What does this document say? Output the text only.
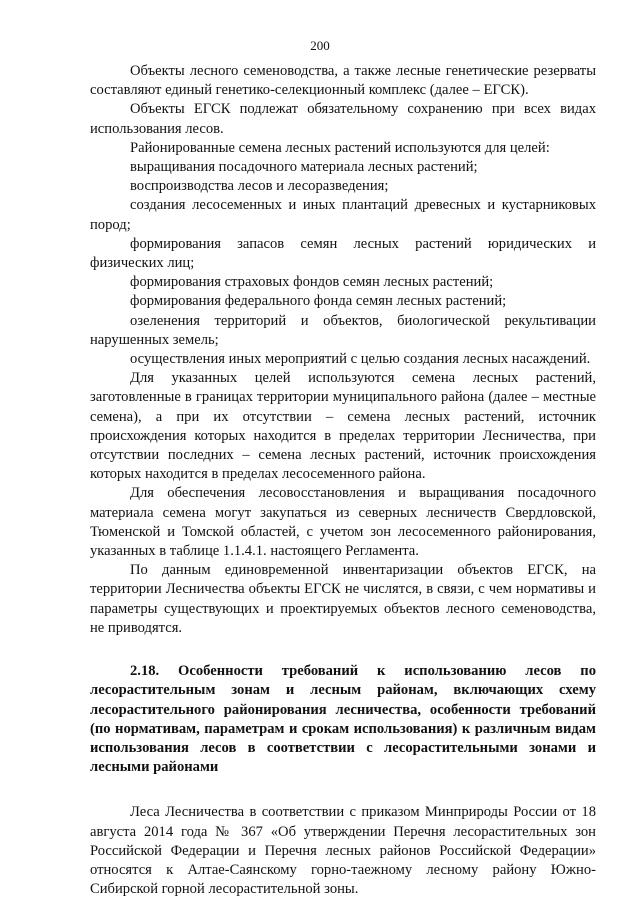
200

Объекты лесного семеноводства, а также лесные генетические резерваты составляют единый генетико-селекционный комплекс (далее – ЕГСК).

Объекты ЕГСК подлежат обязательному сохранению при всех видах использования лесов.

Районированные семена лесных растений используются для целей:

выращивания посадочного материала лесных растений;

воспроизводства лесов и лесоразведения;

создания лесосеменных и иных плантаций древесных и кустарниковых пород;

формирования запасов семян лесных растений юридических и физических лиц;

формирования страховых фондов семян лесных растений;

формирования федерального фонда семян лесных растений;

озеленения территорий и объектов, биологической рекультивации нарушенных земель;

осуществления иных мероприятий с целью создания лесных насаждений.

Для указанных целей используются семена лесных растений, заготовленные в границах территории муниципального района (далее – местные семена), а при их отсутствии – семена лесных растений, источник происхождения которых находится в пределах территории Лесничества, при отсутствии последних – семена лесных растений, источник происхождения которых находится в пределах лесосеменного района.

Для обеспечения лесовосстановления и выращивания посадочного материала семена могут закупаться из северных лесничеств Свердловской, Тюменской и Томской областей, с учетом зон лесосеменного районирования, указанных в таблице 1.1.4.1. настоящего Регламента.

По данным единовременной инвентаризации объектов ЕГСК, на территории Лесничества объекты ЕГСК не числятся, в связи, с чем нормативы и параметры существующих и проектируемых объектов лесного семеноводства, не приводятся.

2.18. Особенности требований к использованию лесов по лесорастительным зонам и лесным районам, включающих схему лесорастительного районирования лесничества, особенности требований (по нормативам, параметрам и срокам использования) к различным видам использования лесов в соответствии с лесорастительными зонами и лесными районами

Леса Лесничества в соответствии с приказом Минприроды России от 18 августа 2014 года № 367 «Об утверждении Перечня лесорастительных зон Российской Федерации и Перечня лесных районов Российской Федерации» относятся к Алтае-Саянскому горно-таежному лесному району Южно-Сибирской горной лесорастительной зоны.
